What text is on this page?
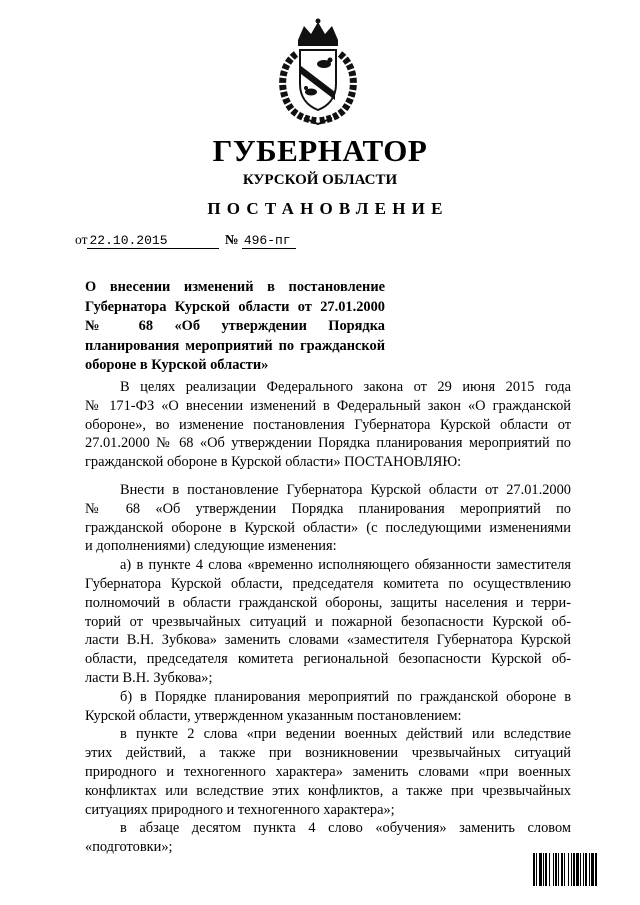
ГУБЕРНАТОР
КУРСКОЙ ОБЛАСТИ
ПОСТАНОВЛЕНИЕ
от 22.10.2015	№ 496-пг
О внесении изменений в постановление
Губернатора Курской области от 27.01.2000
№ 68 «Об утверждении Порядка
планирования мероприятий по гражданской
обороне в Курской области»
В целях реализации Федерального закона от 29 июня 2015 года
№ 171-ФЗ «О внесении изменений в Федеральный закон «О гражданской
обороне», во изменение постановления Губернатора Курской области от
27.01.2000 № 68 «Об утверждении Порядка планирования мероприятий по
гражданской обороне в Курской области» ПОСТАНОВЛЯЮ:
Внести в постановление Губернатора Курской области от 27.01.2000
№ 68 «Об утверждении Порядка планирования мероприятий по
гражданской обороне в Курской области» (с последующими изменениями
и дополнениями) следующие изменения:
а) в пункте 4 слова «временно исполняющего обязанности заместителя
Губернатора Курской области, председателя комитета по осуществлению
полномочий в области гражданской обороны, защиты населения и терри-
торий от чрезвычайных ситуаций и пожарной безопасности Курской об-
ласти В.Н. Зубкова» заменить словами «заместителя Губернатора Курской
области, председателя комитета региональной безопасности Курской об-
ласти В.Н. Зубкова»;
б) в Порядке планирования мероприятий по гражданской обороне в
Курской области, утвержденном указанным постановлением:
в пункте 2 слова «при ведении военных действий или вследствие
этих действий, а также при возникновении чрезвычайных ситуаций
природного и техногенного характера» заменить словами «при военных
конфликтах или вследствие этих конфликтов, а также при чрезвычайных
ситуациях природного и техногенного характера»;
в абзаце десятом пункта 4 слово «обучения» заменить словом
«подготовки»;
